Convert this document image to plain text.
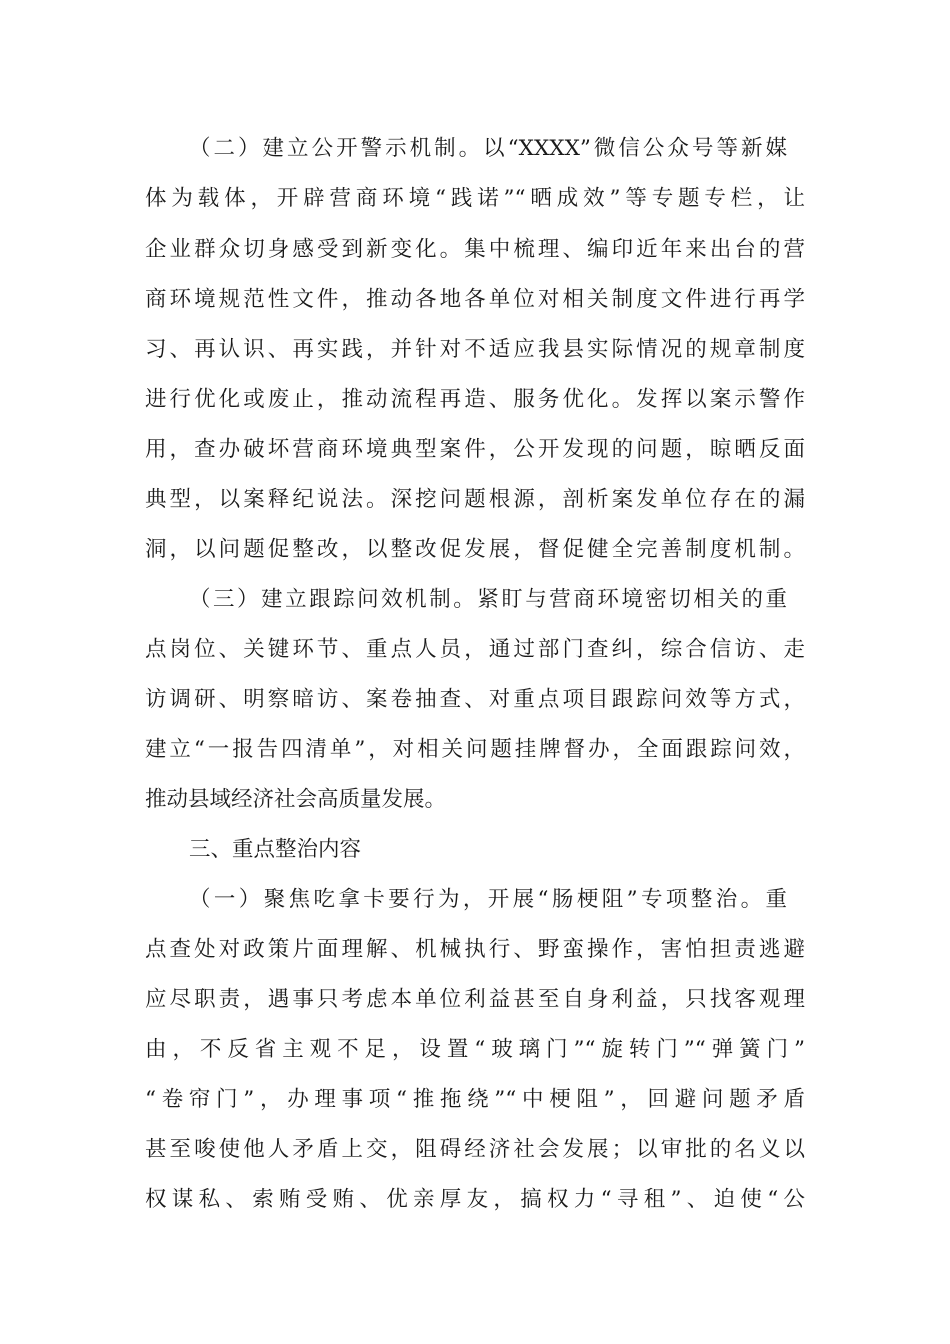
（二）建立公开警示机制。以“XXXX”微信公众号等新媒
体为载体，开辟营商环境“践诺”“晒成效”等专题专栏，让
企业群众切身感受到新变化。集中梳理、编印近年来出台的营
商环境规范性文件，推动各地各单位对相关制度文件进行再学
习、再认识、再实践，并针对不适应我县实际情况的规章制度
进行优化或废止，推动流程再造、服务优化。发挥以案示警作
用，查办破坏营商环境典型案件，公开发现的问题，晾晒反面
典型，以案释纪说法。深挖问题根源，剖析案发单位存在的漏
洞，以问题促整改，以整改促发展，督促健全完善制度机制。
（三）建立跟踪问效机制。紧盯与营商环境密切相关的重
点岗位、关键环节、重点人员，通过部门查纠，综合信访、走
访调研、明察暗访、案卷抽查、对重点项目跟踪问效等方式，
建立“一报告四清单”，对相关问题挂牌督办，全面跟踪问效，
推动县域经济社会高质量发展。
三、重点整治内容
（一）聚焦吃拿卡要行为，开展“肠梗阻”专项整治。重
点查处对政策片面理解、机械执行、野蛮操作，害怕担责逃避
应尽职责，遇事只考虑本单位利益甚至自身利益，只找客观理
由，不反省主观不足，设置“玻璃门”“旋转门”“弹簧门”
“卷帘门”，办理事项“推拖绕”“中梗阻”，回避问题矛盾
甚至唆使他人矛盾上交，阻碍经济社会发展；以审批的名义以
权谋私、索贿受贿、优亲厚友，搞权力“寻租”、迫使“公
